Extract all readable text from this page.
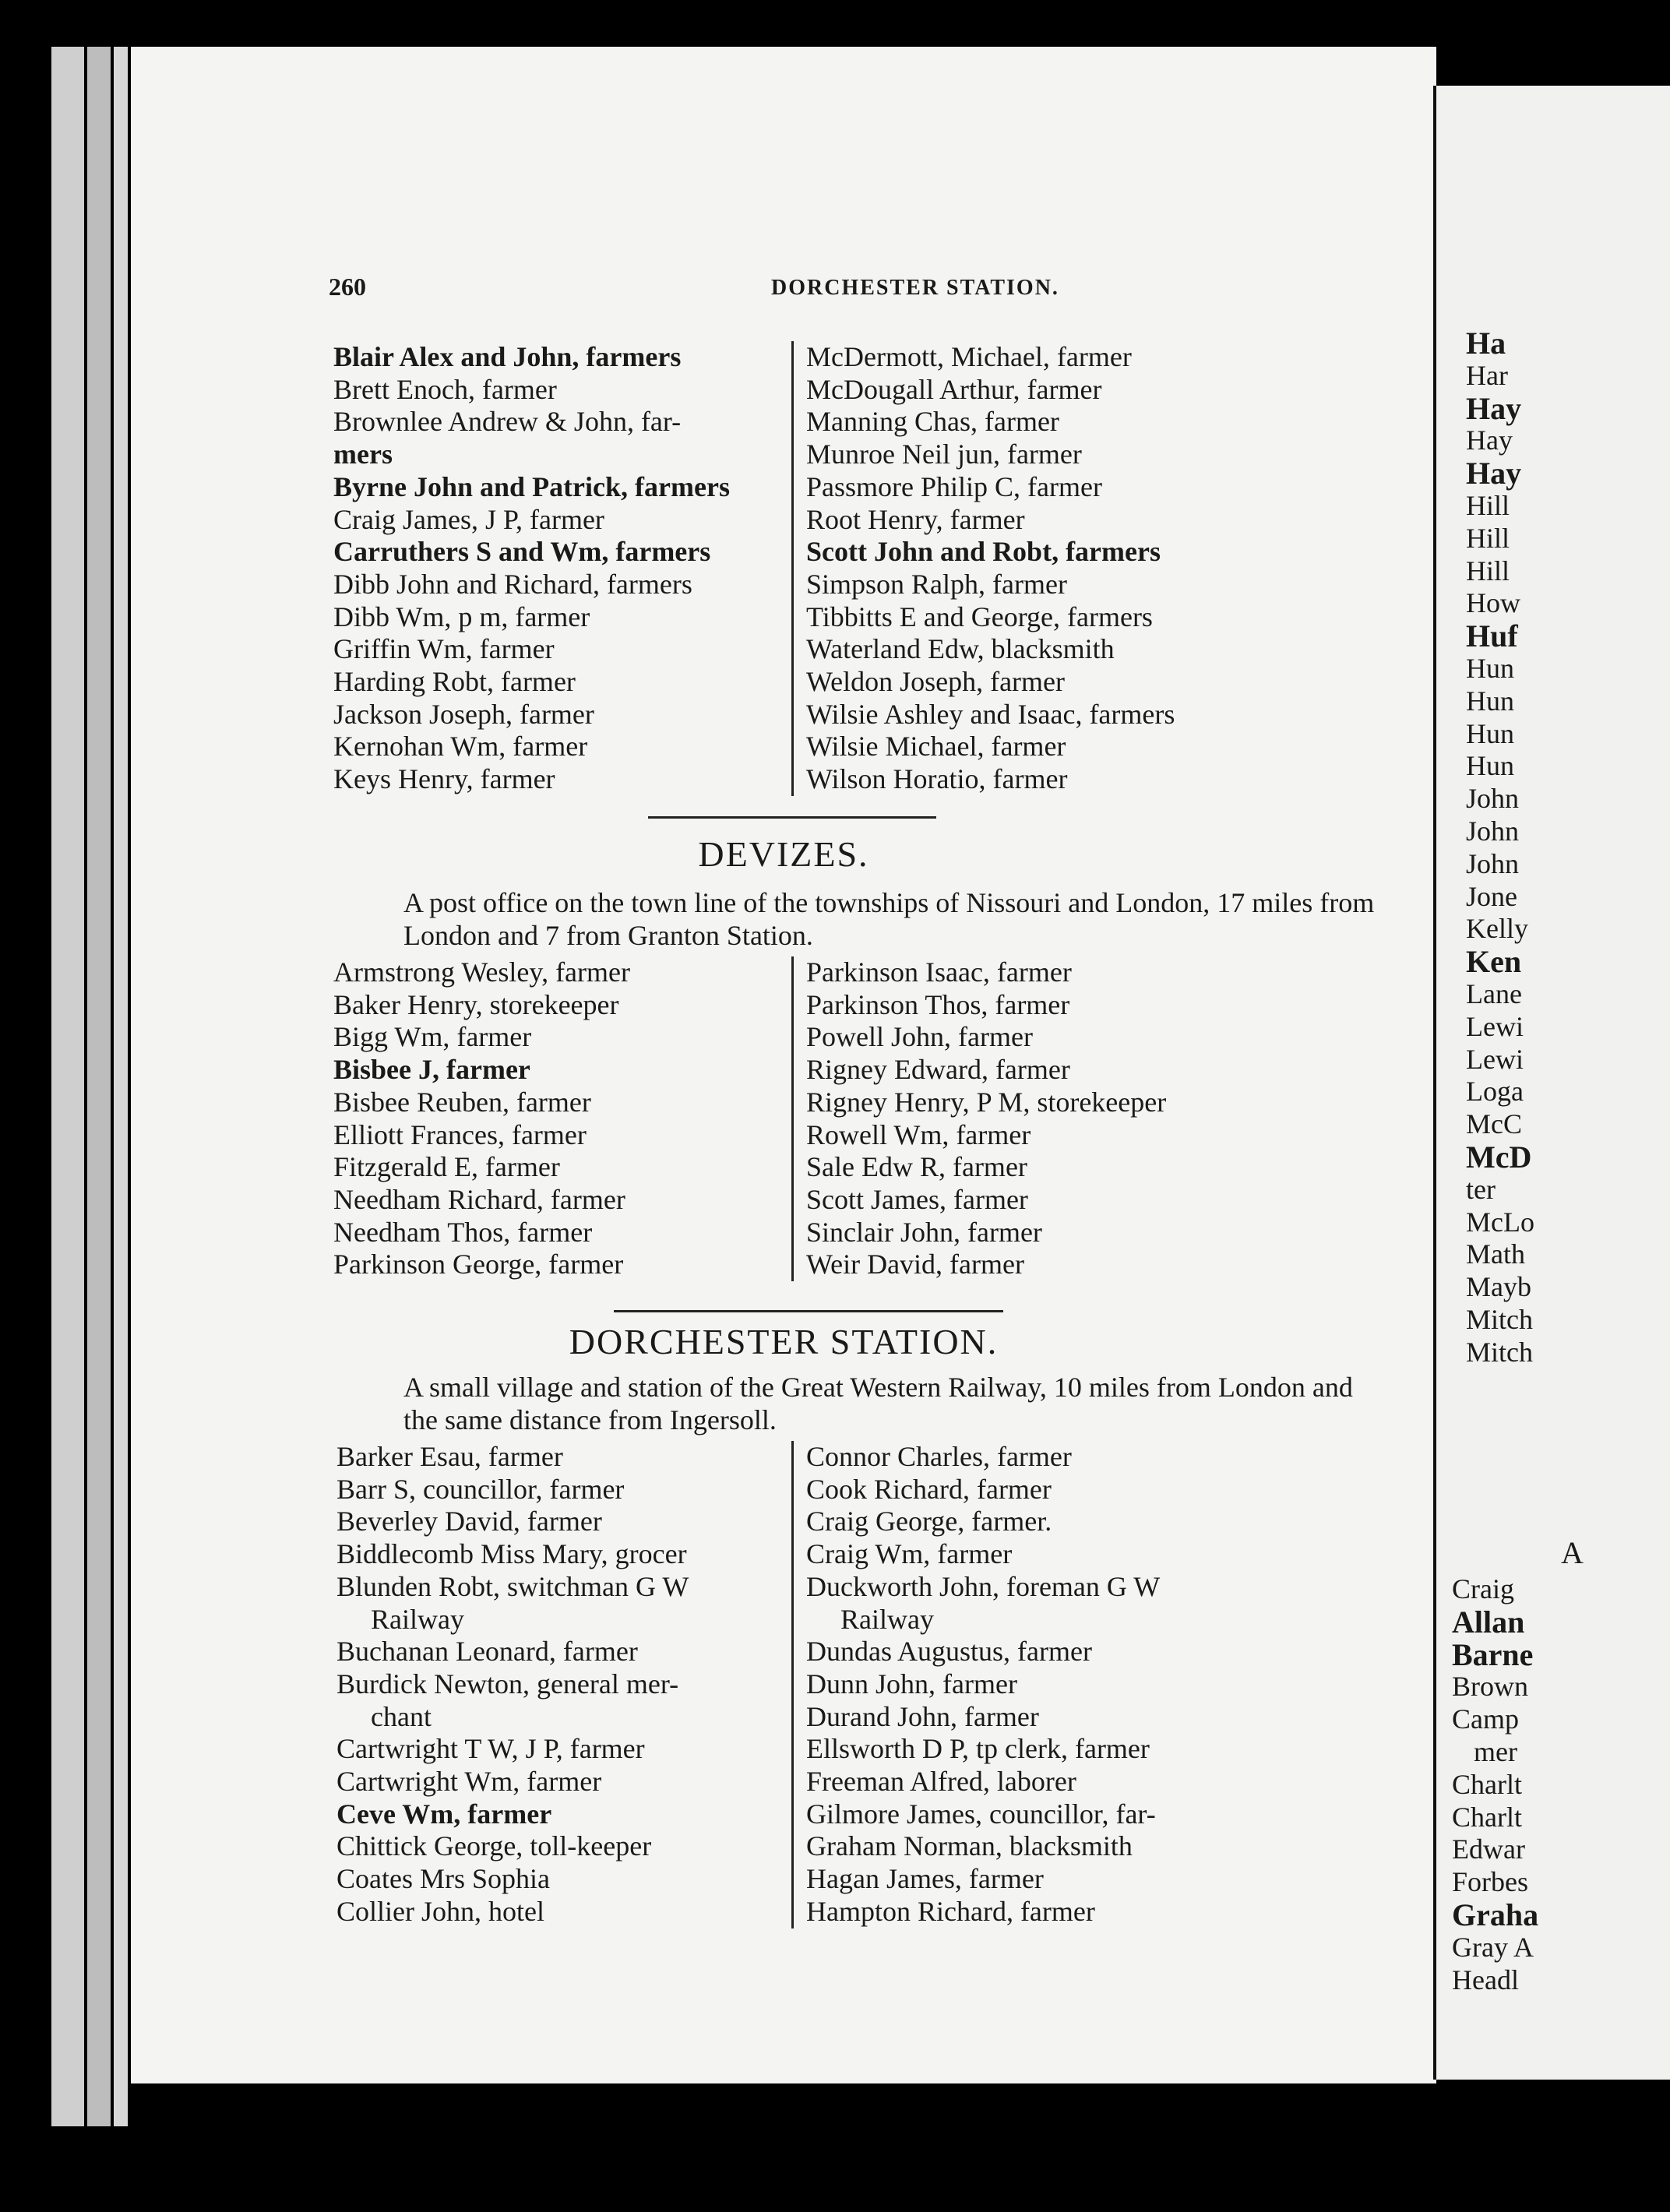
260	DORCHESTER STATION.
Blair Alex and John, farmers
Brett Enoch, farmer
Brownlee Andrew & John, far-
mers
Byrne John and Patrick, farmers
Craig James, J P, farmer
Carruthers S and Wm, farmers
Dibb John and Richard, farmers
Dibb Wm, p m, farmer
Griffin Wm, farmer
Harding Robt, farmer
Jackson Joseph, farmer
Kernohan Wm, farmer
Keys Henry, farmer
McDermott, Michael, farmer
McDougall Arthur, farmer
Manning Chas, farmer
Munroe Neil jun, farmer
Passmore Philip C, farmer
Root Henry, farmer
Scott John and Robt, farmers
Simpson Ralph, farmer
Tibbitts E and George, farmers
Waterland Edw, blacksmith
Weldon Joseph, farmer
Wilsie Ashley and Isaac, farmers
Wilsie Michael, farmer
Wilson Horatio, farmer
DEVIZES.
A post office on the town line of the townships of Nissouri and London, 17 miles from London and 7 from Granton Station.
Armstrong Wesley, farmer
Baker Henry, storekeeper
Bigg Wm, farmer
Bisbee J, farmer
Bisbee Reuben, farmer
Elliott Frances, farmer
Fitzgerald E, farmer
Needham Richard, farmer
Needham Thos, farmer
Parkinson George, farmer
Parkinson Isaac, farmer
Parkinson Thos, farmer
Powell John, farmer
Rigney Edward, farmer
Rigney Henry, P M, storekeeper
Rowell Wm, farmer
Sale Edw R, farmer
Scott James, farmer
Sinclair John, farmer
Weir David, farmer
DORCHESTER STATION.
A small village and station of the Great Western Railway, 10 miles from London and the same distance from Ingersoll.
Barker Esau, farmer
Barr S, councillor, farmer
Beverley David, farmer
Biddlecomb Miss Mary, grocer
Blunden Robt, switchman G W
Railway
Buchanan Leonard, farmer
Burdick Newton, general mer-
chant
Cartwright T W, J P, farmer
Cartwright Wm, farmer
Ceve Wm, farmer
Chittick George, toll-keeper
Coates Mrs Sophia
Collier John, hotel
Connor Charles, farmer
Cook Richard, farmer
Craig George, farmer.
Craig Wm, farmer
Duckworth John, foreman G W
Railway
Dundas Augustus, farmer
Dunn John, farmer
Durand John, farmer
Ellsworth D P, tp clerk, farmer
Freeman Alfred, laborer
Gilmore James, councillor, far-
Graham Norman, blacksmith
Hagan James, farmer
Hampton Richard, farmer
Ha
Har
Hay
Hay
Hay
Hill
Hill
Hill
How
Huf
Hun
Hun
Hun
Hun
John
John
John
Jone
Kelly
Ken
Lane
Lewi
Lewi
Loga
McC
McD
ter
McLo
Math
Mayb
Mitch
Mitch
A
Craig
Allan
Barne
Brown
Camp
mer
Charlt
Charlt
Edwar
Forbes
Graha
Gray A
Headl
